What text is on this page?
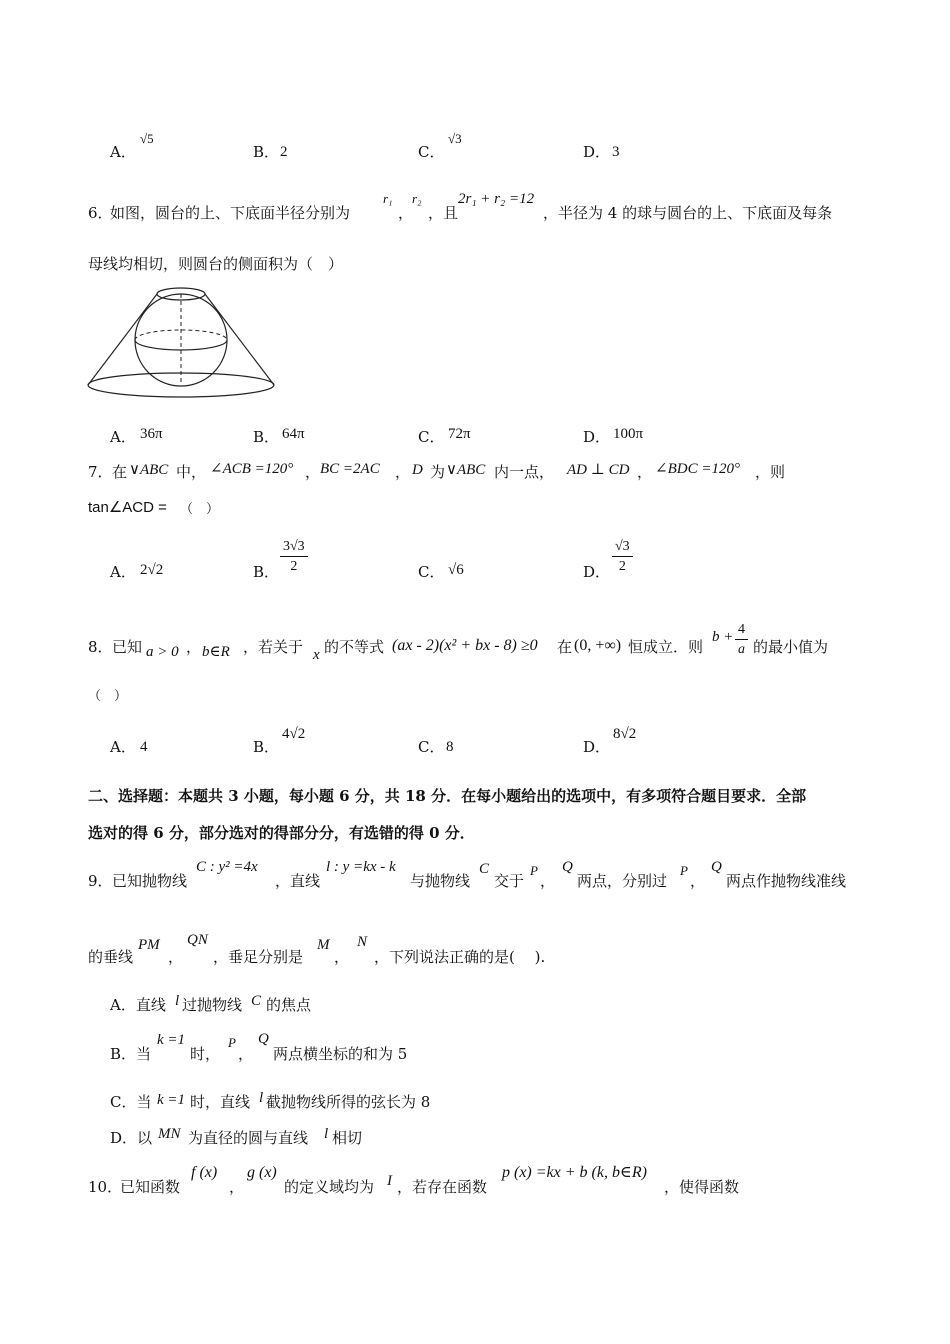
A．
√5
B． 2	C．
√3
D． 3
6．
如图，圆台的上、下底面半径分别为
r₁
，
r₂
，且
2r₁ + r₂ =12
，半径为 4 的球与圆台的上、下底面及每条
母线均相切，则圆台的侧面积为（　）
A． 36π	B． 64π	C． 72π	D． 100π
7． 在 ∨ABC 中， ∠ACB =120° ， BC =2AC ， D 为 ∨ABC 内一点， AD ⊥ CD ， ∠BDC =120° ，则
tan∠ACD = （　）
A． 2√2	B． $\frac{3√3}{2}$	C． √6	D． $\frac{√3}{2}$
8． 已知 a > 0 ， b∈R ，若关于 x 的不等式 (ax - 2)(x² + bx - 8) ≥0 在 (0, +∞) 恒成立．则
$b + \frac{4}{a}$ 的最小值为
（　）
A． 4	B．
4√2
C． 8	D．
8√2
二、选择题：本题共 3 小题，每小题 6 分，共 18 分．在每小题给出的选项中，有多项符合题目要求．全部
选对的得 6 分，部分选对的得部分分，有选错的得 0 分．
9． 已知抛物线
C : y² =4x
，直线
l : y =kx - k
与抛物线
C
交于
P
，
Q
两点，分别过
P
，
Q
两点作抛物线准线
的垂线
PM
，
QN
，垂足分别是
M
，
N
，下列说法正确的是(　 ).
A．直线 l 过抛物线 C 的焦点
B．当
k =1
时，
P
，
Q
两点横坐标的和为 5
C．当 k =1 时，直线 l 截抛物线所得的弦长为 8
D．以 MN 为直径的圆与直线 l 相切
10．
已知函数
f (x)
，
g (x)
的定义域均为 I ，若存在函数
p (x) =kx + b (k, b∈R)
，使得函数
